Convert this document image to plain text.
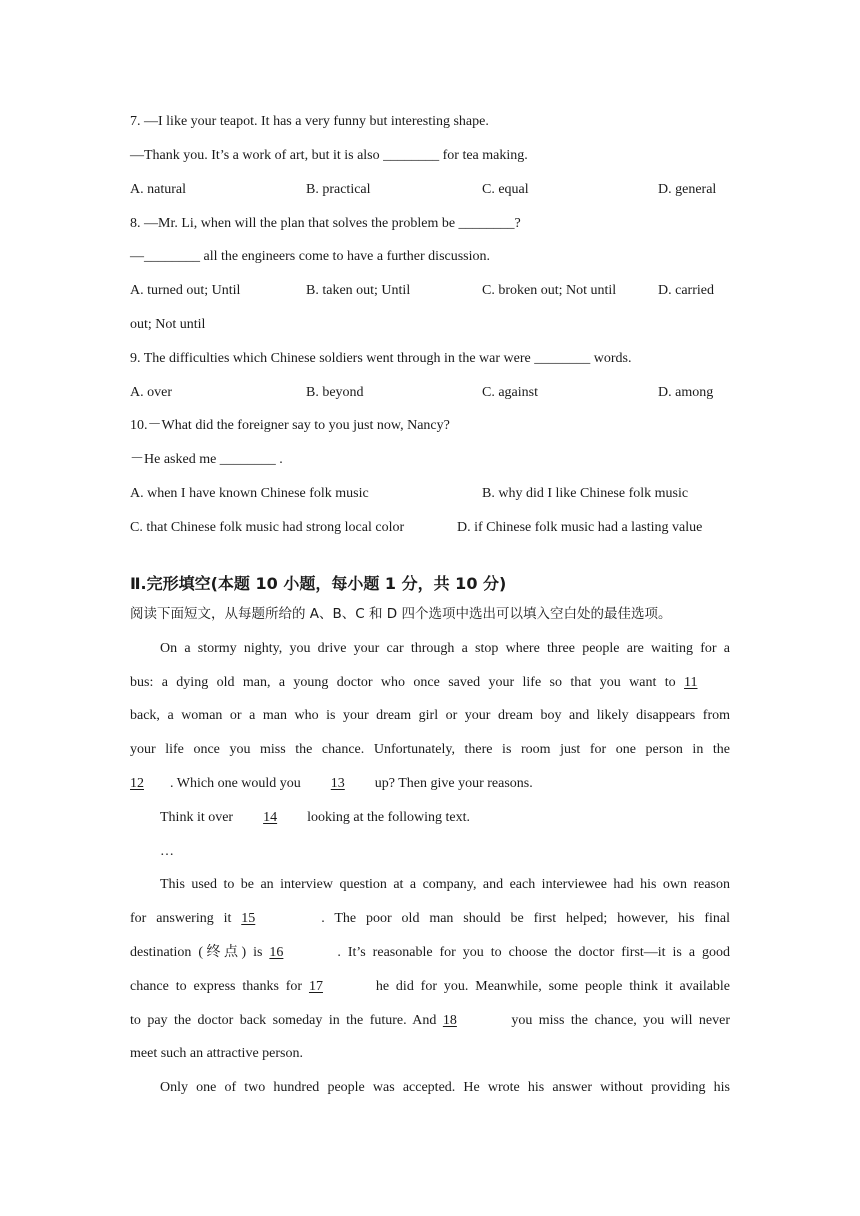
7. —I like your teapot. It has a very funny but interesting shape.
—Thank you. It’s a work of art, but it is also ________ for tea making.
A. natural	B. practical	C. equal	D. general
8. —Mr. Li, when will the plan that solves the problem be ________?
—________ all the engineers come to have a further discussion.
A. turned out; Until	B. taken out; Until	C. broken out; Not until	D. carried
out; Not until
9. The difficulties which Chinese soldiers went through in the war were ________ words.
A. over	B. beyond	C. against	D. among
10.－What did the foreigner say to you just now, Nancy?
－He asked me ________ .
A. when I have known Chinese folk music	B. why did I like Chinese folk music
C. that Chinese folk music had strong local color	D. if Chinese folk music had a lasting value
Ⅱ.完形填空(本题 10 小题，每小题 1 分，共 10 分)
阅读下面短文，从每题所给的 A、B、C 和 D 四个选项中选出可以填入空白处的最佳选项。
On a stormy nighty, you drive your car through a stop where three people are waiting for a
bus: a dying old man, a young doctor who once saved your life so that you want to 11
back, a woman or a man who is your dream girl or your dream boy and likely disappears from
your life once you miss the chance. Unfortunately, there is room just for one person in the
12 . Which one would you 13 up? Then give your reasons.
Think it over 14 looking at the following text.
…
This used to be an interview question at a company, and each interviewee had his own reason
for answering it 15	. The poor old man should be first helped; however, his final
destination (终点) is 16	. It’s reasonable for you to choose the doctor first—it is a good
chance to express thanks for 17	he did for you. Meanwhile, some people think it available
to pay the doctor back someday in the future. And 18	you miss the chance, you will never
meet such an attractive person.
Only one of two hundred people was accepted. He wrote his answer without providing his
